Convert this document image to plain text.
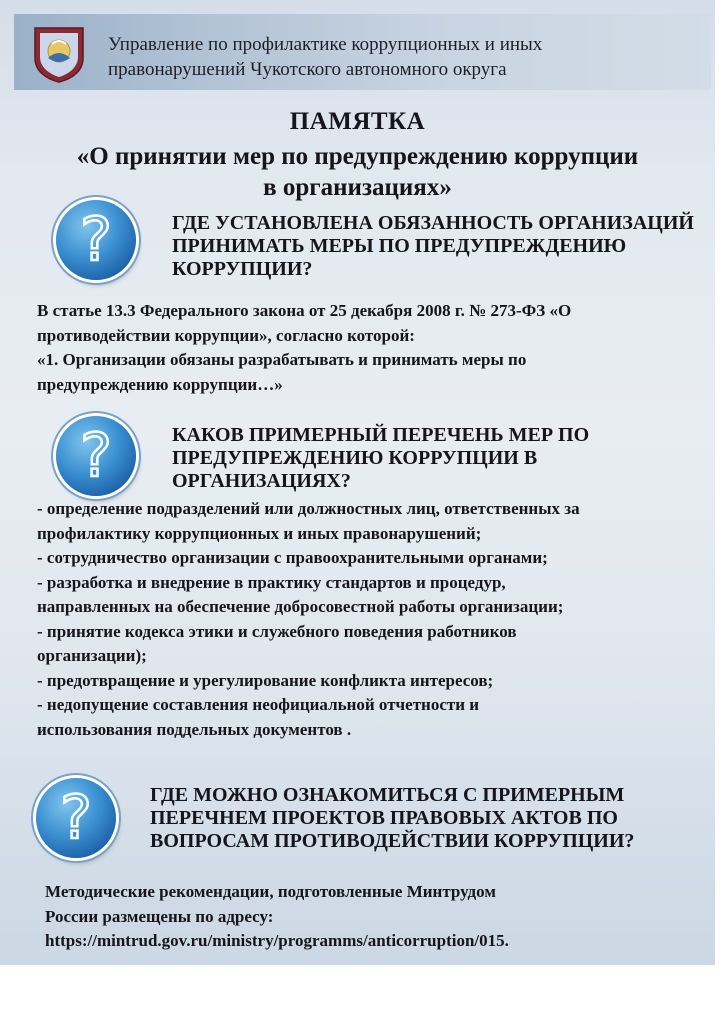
Управление по профилактике коррупционных и иных
правонарушений Чукотского автономного округа
ПАМЯТКА
«О принятии мер по предупреждению коррупции
в организациях»
?	ГДЕ УСТАНОВЛЕНА ОБЯЗАННОСТЬ ОРГАНИЗАЦИЙ
ПРИНИМАТЬ МЕРЫ ПО ПРЕДУПРЕЖДЕНИЮ
КОРРУПЦИИ?
В статье 13.3 Федерального закона от 25 декабря 2008 г. № 273-ФЗ «О
противодействии коррупции», согласно которой:
«1. Организации обязаны разрабатывать и принимать меры по
предупреждению коррупции…»
?	КАКОВ ПРИМЕРНЫЙ ПЕРЕЧЕНЬ МЕР ПО
ПРЕДУПРЕЖДЕНИЮ КОРРУПЦИИ В
ОРГАНИЗАЦИЯХ?
- определение подразделений или должностных лиц, ответственных за
профилактику коррупционных и иных правонарушений;
- сотрудничество организации с правоохранительными органами;
- разработка и внедрение в практику стандартов и процедур,
направленных на обеспечение добросовестной работы организации;
- принятие кодекса этики и служебного поведения работников
организации);
- предотвращение и урегулирование конфликта интересов;
- недопущение составления неофициальной отчетности и
использования поддельных документов .
?	ГДЕ МОЖНО ОЗНАКОМИТЬСЯ С ПРИМЕРНЫМ
ПЕРЕЧНЕМ ПРОЕКТОВ ПРАВОВЫХ АКТОВ ПО
ВОПРОСАМ ПРОТИВОДЕЙСТВИИ КОРРУПЦИИ?
Методические рекомендации, подготовленные Минтрудом
России размещены по адресу:
https://mintrud.gov.ru/ministry/programms/anticorruption/015.
